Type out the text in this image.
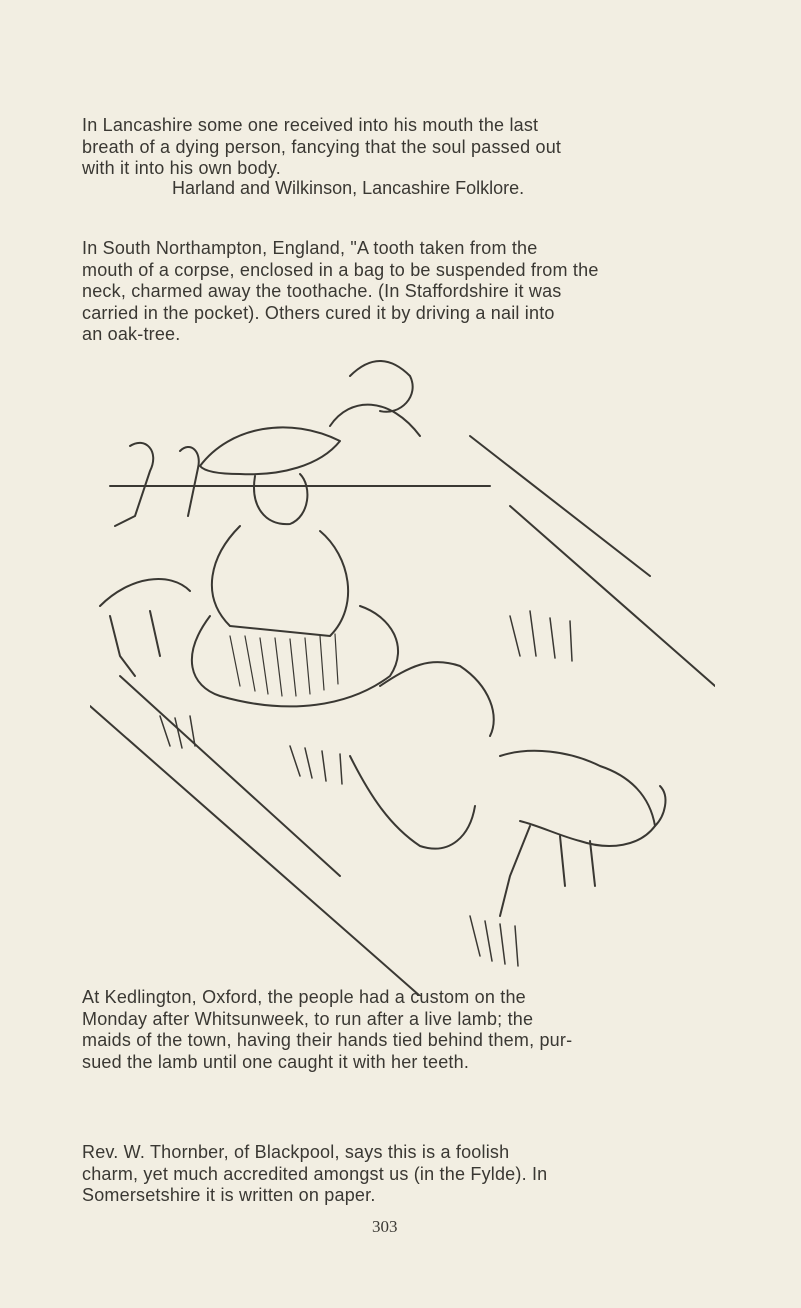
In Lancashire some one received into his mouth the last
breath of a dying person, fancying that the soul passed out
with it into his own body.

Harland and Wilkinson, Lancashire Folklore.

In South Northampton, England, "A tooth taken from the
mouth of a corpse, enclosed in a bag to be suspended from the
neck, charmed away the toothache. (In Staffordshire it was
carried in the pocket). Others cured it by driving a nail into
an oak-tree.

At Kedlington, Oxford, the people had a custom on the
Monday after Whitsunweek, to run after a live lamb; the
maids of the town, having their hands tied behind them, pur-
sued the lamb until one caught it with her teeth.

Rev. W. Thornber, of Blackpool, says this is a foolish
charm, yet much accredited amongst us (in the Fylde). In
Somersetshire it is written on paper.

303
